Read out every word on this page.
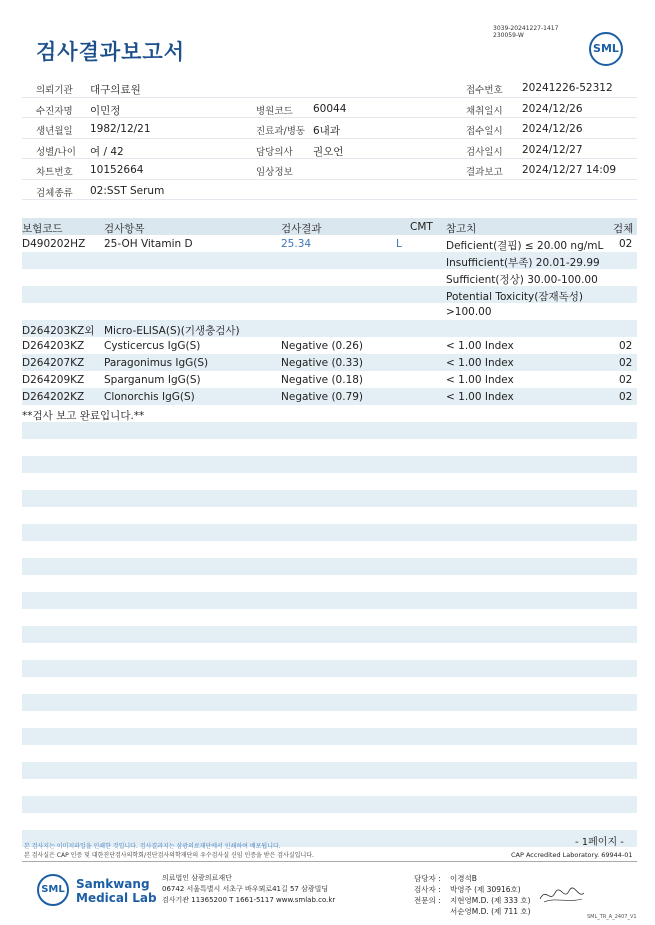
검사결과보고서
3039-20241227-1417
230059-W
SML
의뢰기관 대구의료원	접수번호 20241226-52312
수진자명 이민정	병원코드 60044	채취일시 2024/12/26
생년월일 1982/12/21	진료과/병동 6내과	접수일시 2024/12/26
성별/나이 여 / 42	담당의사 권오언	검사일시 2024/12/27
차트번호 10152664	임상정보	결과보고 2024/12/27 14:09
검체종류 02:SST Serum
보험코드	검사항목	검사결과	CMT 참고치	검체
D490202HZ 25-OH Vitamin D	25.34	L	Deficient(결핍) ≤ 20.00 ng/mL 02
Insufficient(부족) 20.01-29.99
Sufficient(정상) 30.00-100.00
Potential Toxicity(잠재독성)
>100.00
D264203KZ외 Micro-ELISA(S)(기생충검사)
D264203KZ Cysticercus IgG(S)	Negative (0.26)	< 1.00 Index	02
D264207KZ Paragonimus IgG(S)	Negative (0.33)	< 1.00 Index	02
D264209KZ Sparganum IgG(S)	Negative (0.18)	< 1.00 Index	02
D264202KZ Clonorchis IgG(S)	Negative (0.79)	< 1.00 Index	02
**검사 보고 완료입니다.**
- 1페이지 -
본 검사지는 이미지파일을 인쇄한 것입니다. 검사결과지는 삼광의료재단에서 인쇄하여 배포됩니다.
본 검사실은 CAP 인증 및 대한진단검사의학회/진단검사의학재단의 우수검사실 신임 인증을 받은 검사실입니다.	CAP Accredited Laboratory. 69944-01
SML Samkwang
Medical Lab
의료법인 삼광의료재단
06742 서울특별시 서초구 바우뫼로41길 57 삼광빌딩
검사기관 11365200 T 1661-5117 www.smlab.co.kr
담당자 : 이경석B
검사자 : 박영주 (제 30916호)
전문의 : 지현영M.D. (제 333 호)
서순영M.D. (제 711 호)
SML_TR_A_2407_V1
